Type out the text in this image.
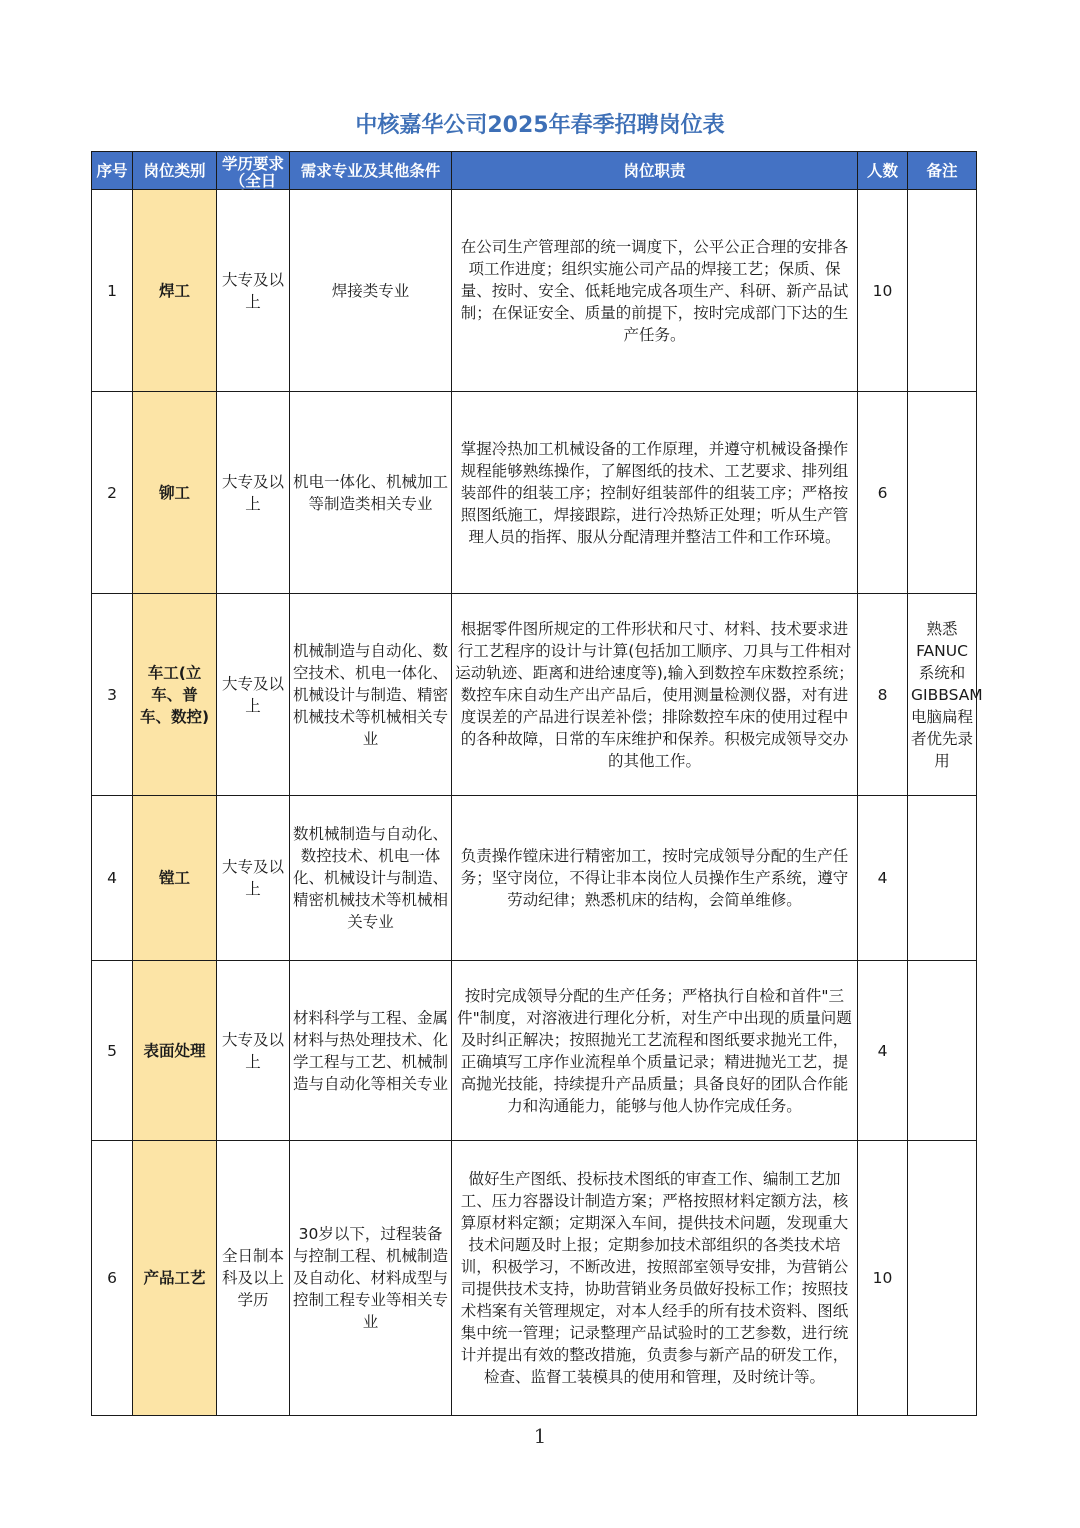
中核嘉华公司2025年春季招聘岗位表
序号	岗位类别	学历要求（全日制）	需求专业及其他条件	岗位职责	人数	备注
1	焊工	大专及以上	焊接类专业	在公司生产管理部的统一调度下，公平公正合理的安排各项工作进度；组织实施公司产品的焊接工艺；保质、保量、按时、安全、低耗地完成各项生产、科研、新产品试制；在保证安全、质量的前提下，按时完成部门下达的生产任务。	10	
2	铆工	大专及以上	机电一体化、机械加工等制造类相关专业	掌握冷热加工机械设备的工作原理，并遵守机械设备操作规程能够熟练操作，了解图纸的技术、工艺要求、排列组装部件的组装工序；控制好组装部件的组装工序；严格按照图纸施工，焊接跟踪，进行冷热矫正处理；听从生产管理人员的指挥、服从分配清理并整洁工件和工作环境。	6	
3	车工(立车、普车、数控)	大专及以上	机械制造与自动化、数空技术、机电一体化、机械设计与制造、精密机械技术等机械相关专业	根据零件图所规定的工件形状和尺寸、材料、技术要求进行工艺程序的设计与计算(包括加工顺序、刀具与工件相对运动轨迹、距离和进给速度等),输入到数控车床数控系统；数控车床自动生产出产品后，使用测量检测仪器，对有进度误差的产品进行误差补偿；排除数控车床的使用过程中的各种故障，日常的车床维护和保养。积极完成领导交办的其他工作。	8	熟悉FANUC系统和GIBBSAM电脑扁程者优先录用
4	镗工	大专及以上	数机械制造与自动化、数控技术、机电一体化、机械设计与制造、精密机械技术等机械相关专业	负责操作镗床进行精密加工，按时完成领导分配的生产任务；坚守岗位，不得让非本岗位人员操作生产系统，遵守劳动纪律；熟悉机床的结构，会简单维修。	4	
5	表面处理	大专及以上	材料科学与工程、金属材料与热处理技术、化学工程与工艺、机械制造与自动化等相关专业	按时完成领导分配的生产任务；严格执行自检和首件"三件"制度，对溶液进行理化分析，对生产中出现的质量问题及时纠正解决；按照抛光工艺流程和图纸要求抛光工件，正确填写工序作业流程单个质量记录；精进抛光工艺，提高抛光技能，持续提升产品质量；具备良好的团队合作能力和沟通能力，能够与他人协作完成任务。	4	
6	产品工艺	全日制本科及以上学历	30岁以下，过程装备与控制工程、机械制造及自动化、材料成型与控制工程专业等相关专业	做好生产图纸、投标技术图纸的审查工作、编制工艺加工、压力容器设计制造方案；严格按照材料定额方法，核算原材料定额；定期深入车间，提供技术问题，发现重大技术问题及时上报；定期参加技术部组织的各类技术培训，积极学习，不断改进，按照部室领导安排，为营销公司提供技术支持，协助营销业务员做好投标工作；按照技术档案有关管理规定，对本人经手的所有技术资料、图纸集中统一管理；记录整理产品试验时的工艺参数，进行统计并提出有效的整改措施，负责参与新产品的研发工作，检查、监督工装模具的使用和管理，及时统计等。	10	
1
